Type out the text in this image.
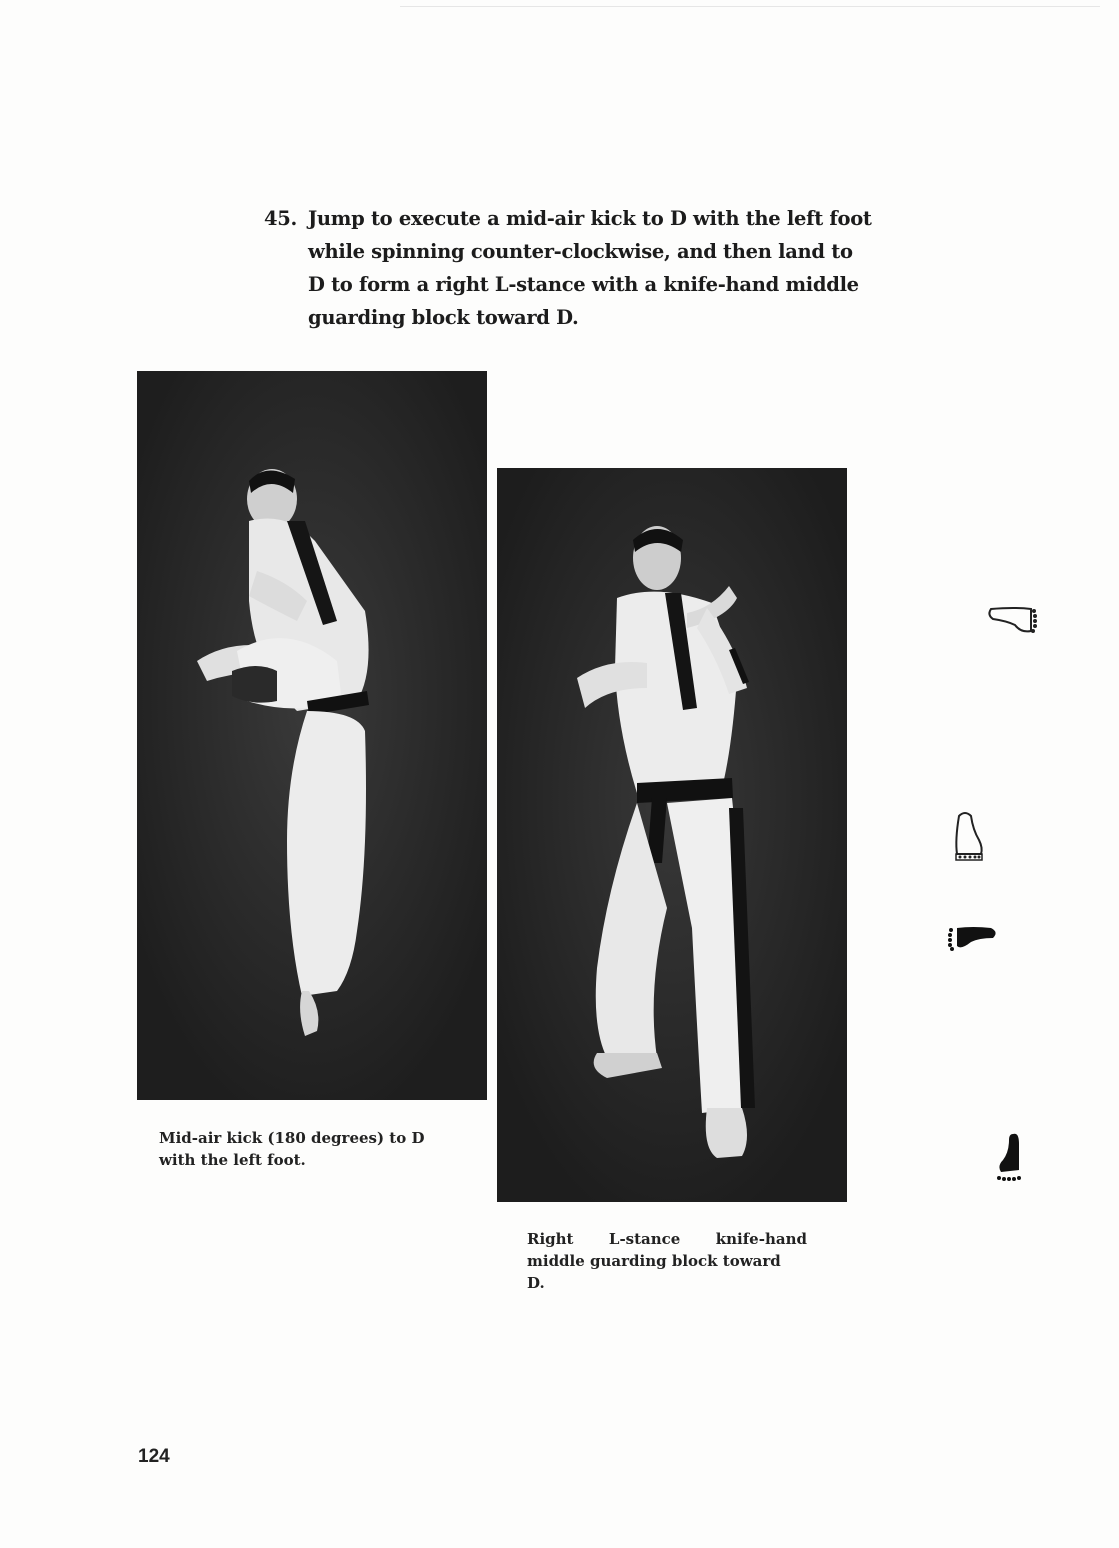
45. Jump to execute a mid-air kick to D with the left foot
while spinning counter-clockwise, and then land to
D to form a right L-stance with a knife-hand middle
guarding block toward D.
Mid-air kick (180 degrees) to D
with the left foot.
Right L-stance knife-hand
middle guarding block toward
D.
124
